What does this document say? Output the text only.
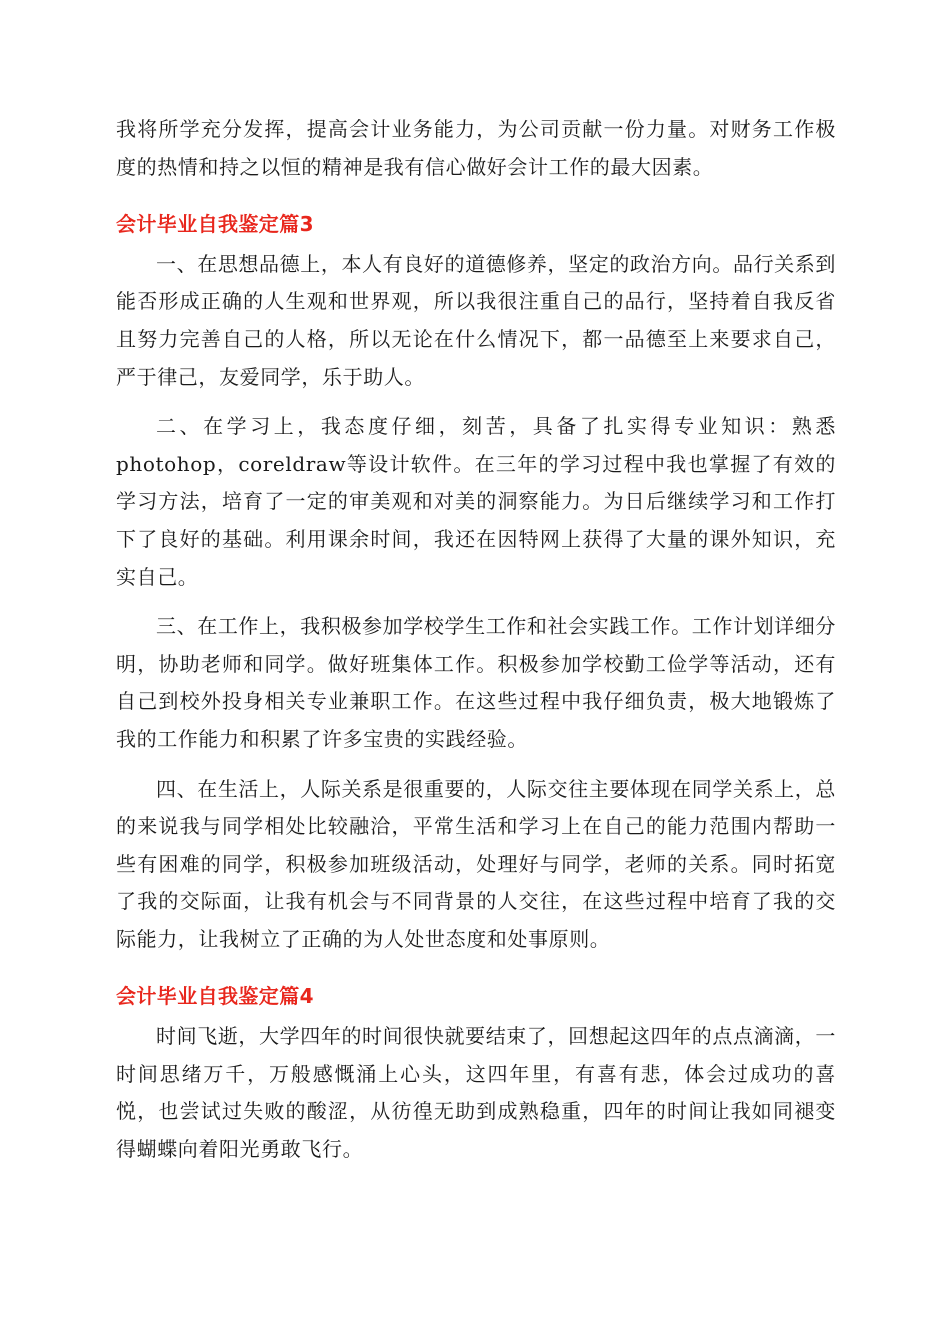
我将所学充分发挥，提高会计业务能力，为公司贡献一份力量。对财务工作极度的热情和持之以恒的精神是我有信心做好会计工作的最大因素。

会计毕业自我鉴定篇3

一、在思想品德上，本人有良好的道德修养，坚定的政治方向。品行关系到能否形成正确的人生观和世界观，所以我很注重自己的品行，坚持着自我反省且努力完善自己的人格，所以无论在什么情况下，都一品德至上来要求自己，严于律己，友爱同学，乐于助人。

二、在学习上，我态度仔细，刻苦，具备了扎实得专业知识：熟悉photohop，coreldraw等设计软件。在三年的学习过程中我也掌握了有效的学习方法，培育了一定的审美观和对美的洞察能力。为日后继续学习和工作打下了良好的基础。利用课余时间，我还在因特网上获得了大量的课外知识，充实自己。

三、在工作上，我积极参加学校学生工作和社会实践工作。工作计划详细分明，协助老师和同学。做好班集体工作。积极参加学校勤工俭学等活动，还有自己到校外投身相关专业兼职工作。在这些过程中我仔细负责，极大地锻炼了我的工作能力和积累了许多宝贵的实践经验。

四、在生活上，人际关系是很重要的，人际交往主要体现在同学关系上，总的来说我与同学相处比较融洽，平常生活和学习上在自己的能力范围内帮助一些有困难的同学，积极参加班级活动，处理好与同学，老师的关系。同时拓宽了我的交际面，让我有机会与不同背景的人交往，在这些过程中培育了我的交际能力，让我树立了正确的为人处世态度和处事原则。

会计毕业自我鉴定篇4

时间飞逝，大学四年的时间很快就要结束了，回想起这四年的点点滴滴，一时间思绪万千，万般感慨涌上心头，这四年里，有喜有悲，体会过成功的喜悦，也尝试过失败的酸涩，从彷徨无助到成熟稳重，四年的时间让我如同褪变得蝴蝶向着阳光勇敢飞行。
